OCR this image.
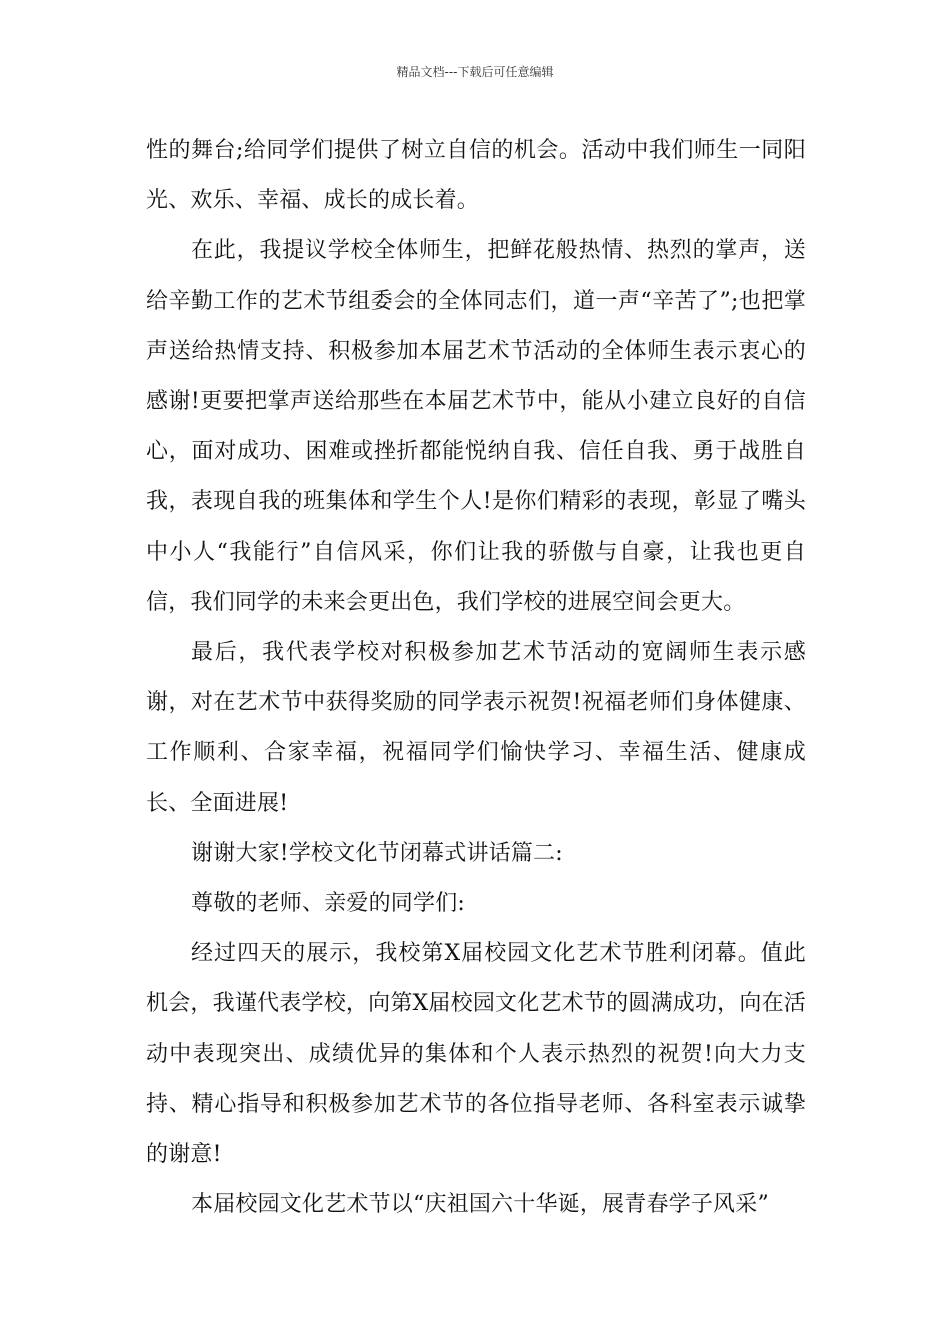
精品文档---下载后可任意编辑

性的舞台;给同学们提供了树立自信的机会。活动中我们师生一同阳光、欢乐、幸福、成长的成长着。

在此，我提议学校全体师生，把鲜花般热情、热烈的掌声，送给辛勤工作的艺术节组委会的全体同志们，道一声“辛苦了”;也把掌声送给热情支持、积极参加本届艺术节活动的全体师生表示衷心的感谢!更要把掌声送给那些在本届艺术节中，能从小建立良好的自信心，面对成功、困难或挫折都能悦纳自我、信任自我、勇于战胜自我，表现自我的班集体和学生个人!是你们精彩的表现，彰显了嘴头中小人“我能行”自信风采，你们让我的骄傲与自豪，让我也更自信，我们同学的未来会更出色，我们学校的进展空间会更大。

最后，我代表学校对积极参加艺术节活动的宽阔师生表示感谢，对在艺术节中获得奖励的同学表示祝贺!祝福老师们身体健康、工作顺利、合家幸福，祝福同学们愉快学习、幸福生活、健康成长、全面进展!

谢谢大家!学校文化节闭幕式讲话篇二:

尊敬的老师、亲爱的同学们:

经过四天的展示，我校第X届校园文化艺术节胜利闭幕。值此机会，我谨代表学校，向第X届校园文化艺术节的圆满成功，向在活动中表现突出、成绩优异的集体和个人表示热烈的祝贺!向大力支持、精心指导和积极参加艺术节的各位指导老师、各科室表示诚挚的谢意!

本届校园文化艺术节以“庆祖国六十华诞，展青春学子风采”
